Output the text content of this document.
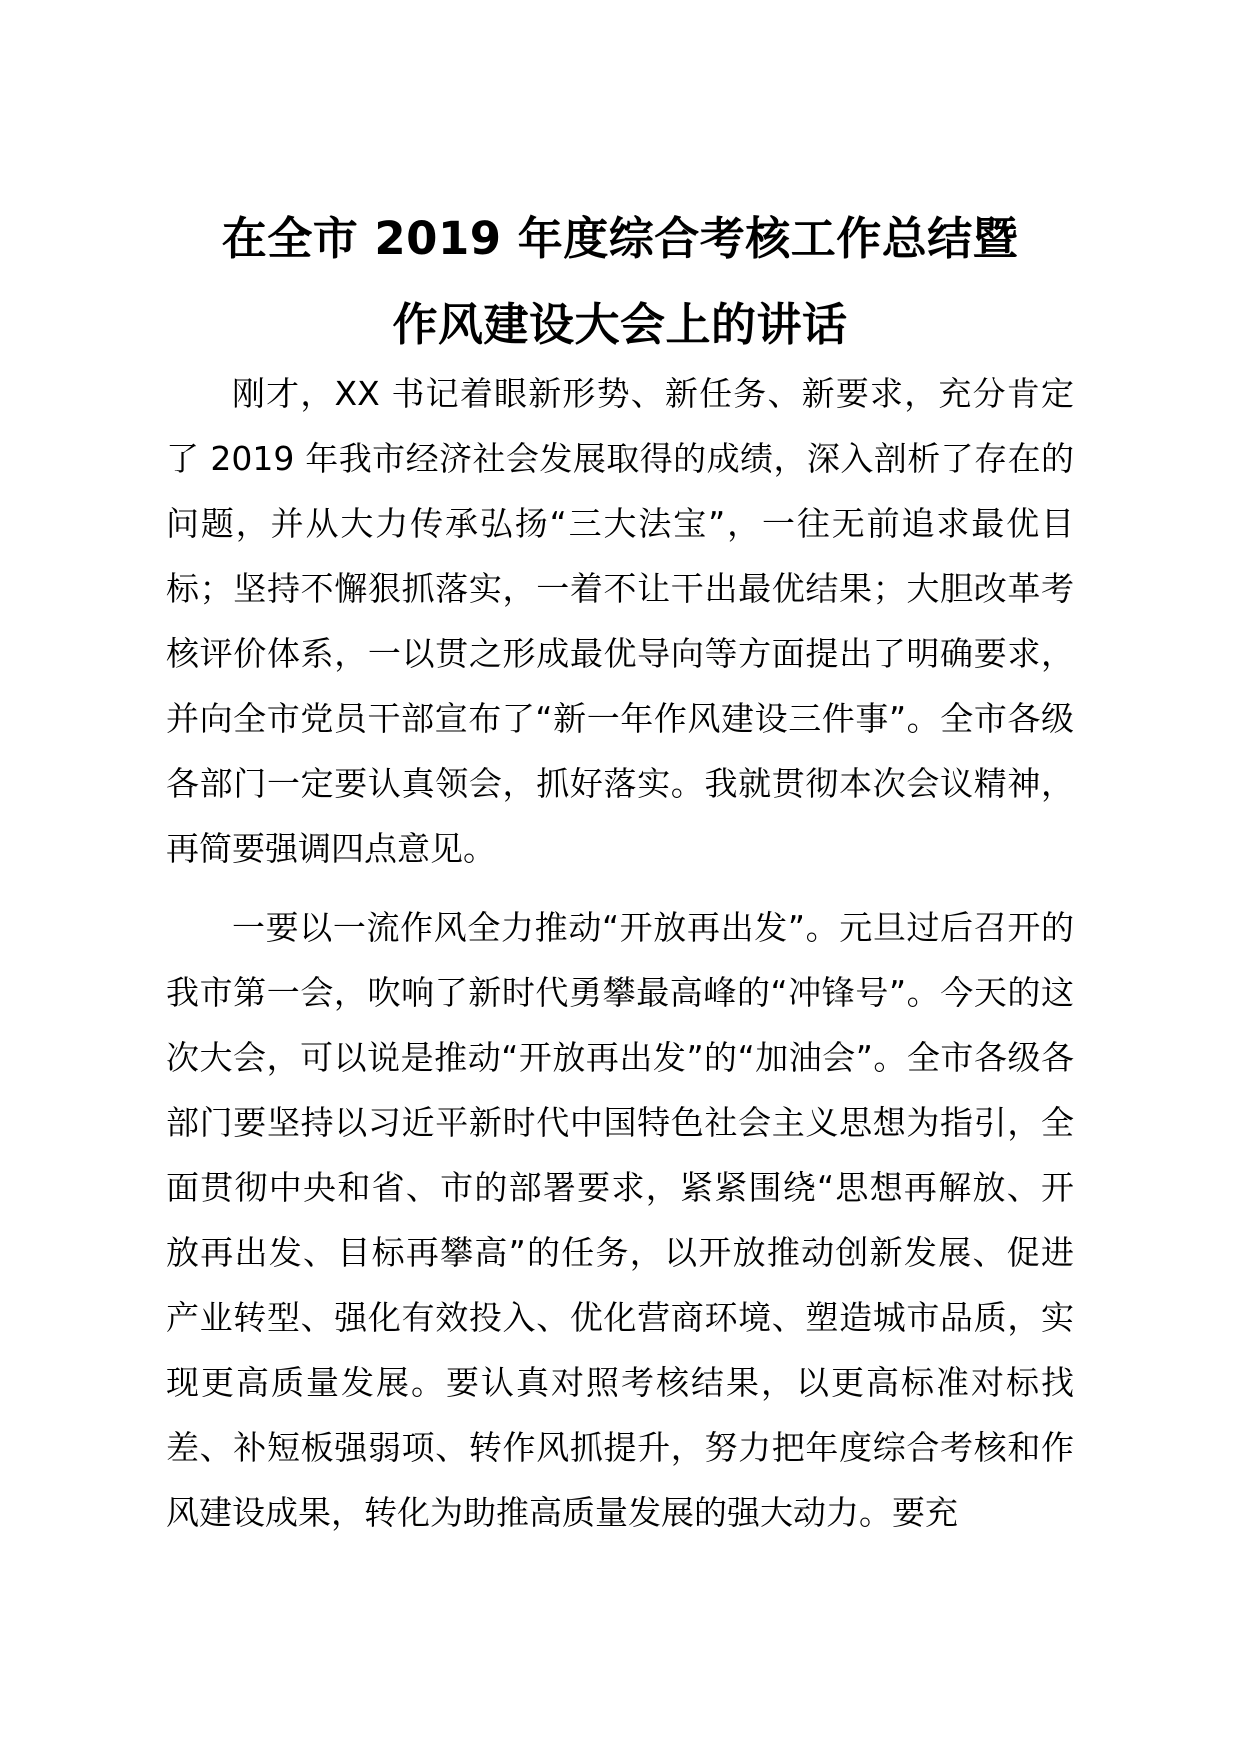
在全市 2019 年度综合考核工作总结暨
作风建设大会上的讲话

刚才，XX 书记着眼新形势、新任务、新要求，充分肯定了 2019 年我市经济社会发展取得的成绩，深入剖析了存在的问题，并从大力传承弘扬“三大法宝”，一往无前追求最优目标；坚持不懈狠抓落实，一着不让干出最优结果；大胆改革考核评价体系，一以贯之形成最优导向等方面提出了明确要求，并向全市党员干部宣布了“新一年作风建设三件事”。全市各级各部门一定要认真领会，抓好落实。我就贯彻本次会议精神，再简要强调四点意见。

一要以一流作风全力推动“开放再出发”。元旦过后召开的我市第一会，吹响了新时代勇攀最高峰的“冲锋号”。今天的这次大会，可以说是推动“开放再出发”的“加油会”。全市各级各部门要坚持以习近平新时代中国特色社会主义思想为指引，全面贯彻中央和省、市的部署要求，紧紧围绕“思想再解放、开放再出发、目标再攀高”的任务，以开放推动创新发展、促进产业转型、强化有效投入、优化营商环境、塑造城市品质，实现更高质量发展。要认真对照考核结果，以更高标准对标找差、补短板强弱项、转作风抓提升，努力把年度综合考核和作风建设成果，转化为助推高质量发展的强大动力。要充
